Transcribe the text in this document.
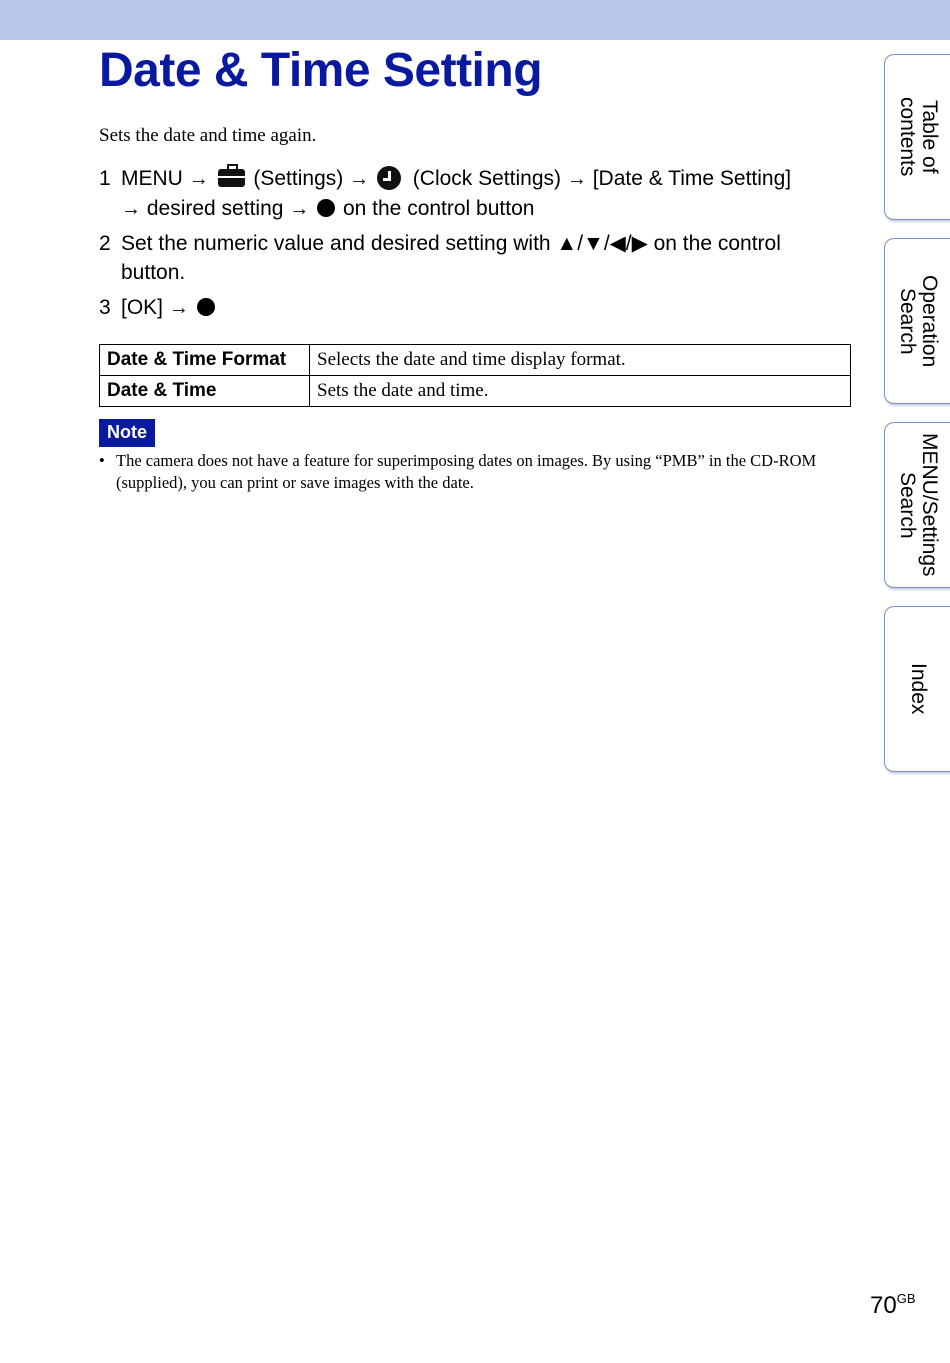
Date & Time Setting
Sets the date and time again.
1 MENU → (Settings) → (Clock Settings) → [Date & Time Setting]
→ desired setting → on the control button
2 Set the numeric value and desired setting with ▲/▼/◀/▶ on the control button.
3 [OK] →
Date & Time Format	Selects the date and time display format.
Date & Time	Sets the date and time.
Note
• The camera does not have a feature for superimposing dates on images. By using “PMB” in the CD-ROM (supplied), you can print or save images with the date.
Table of
contents
Operation
Search
MENU/Settings
Search
Index
$70^{GB}$
